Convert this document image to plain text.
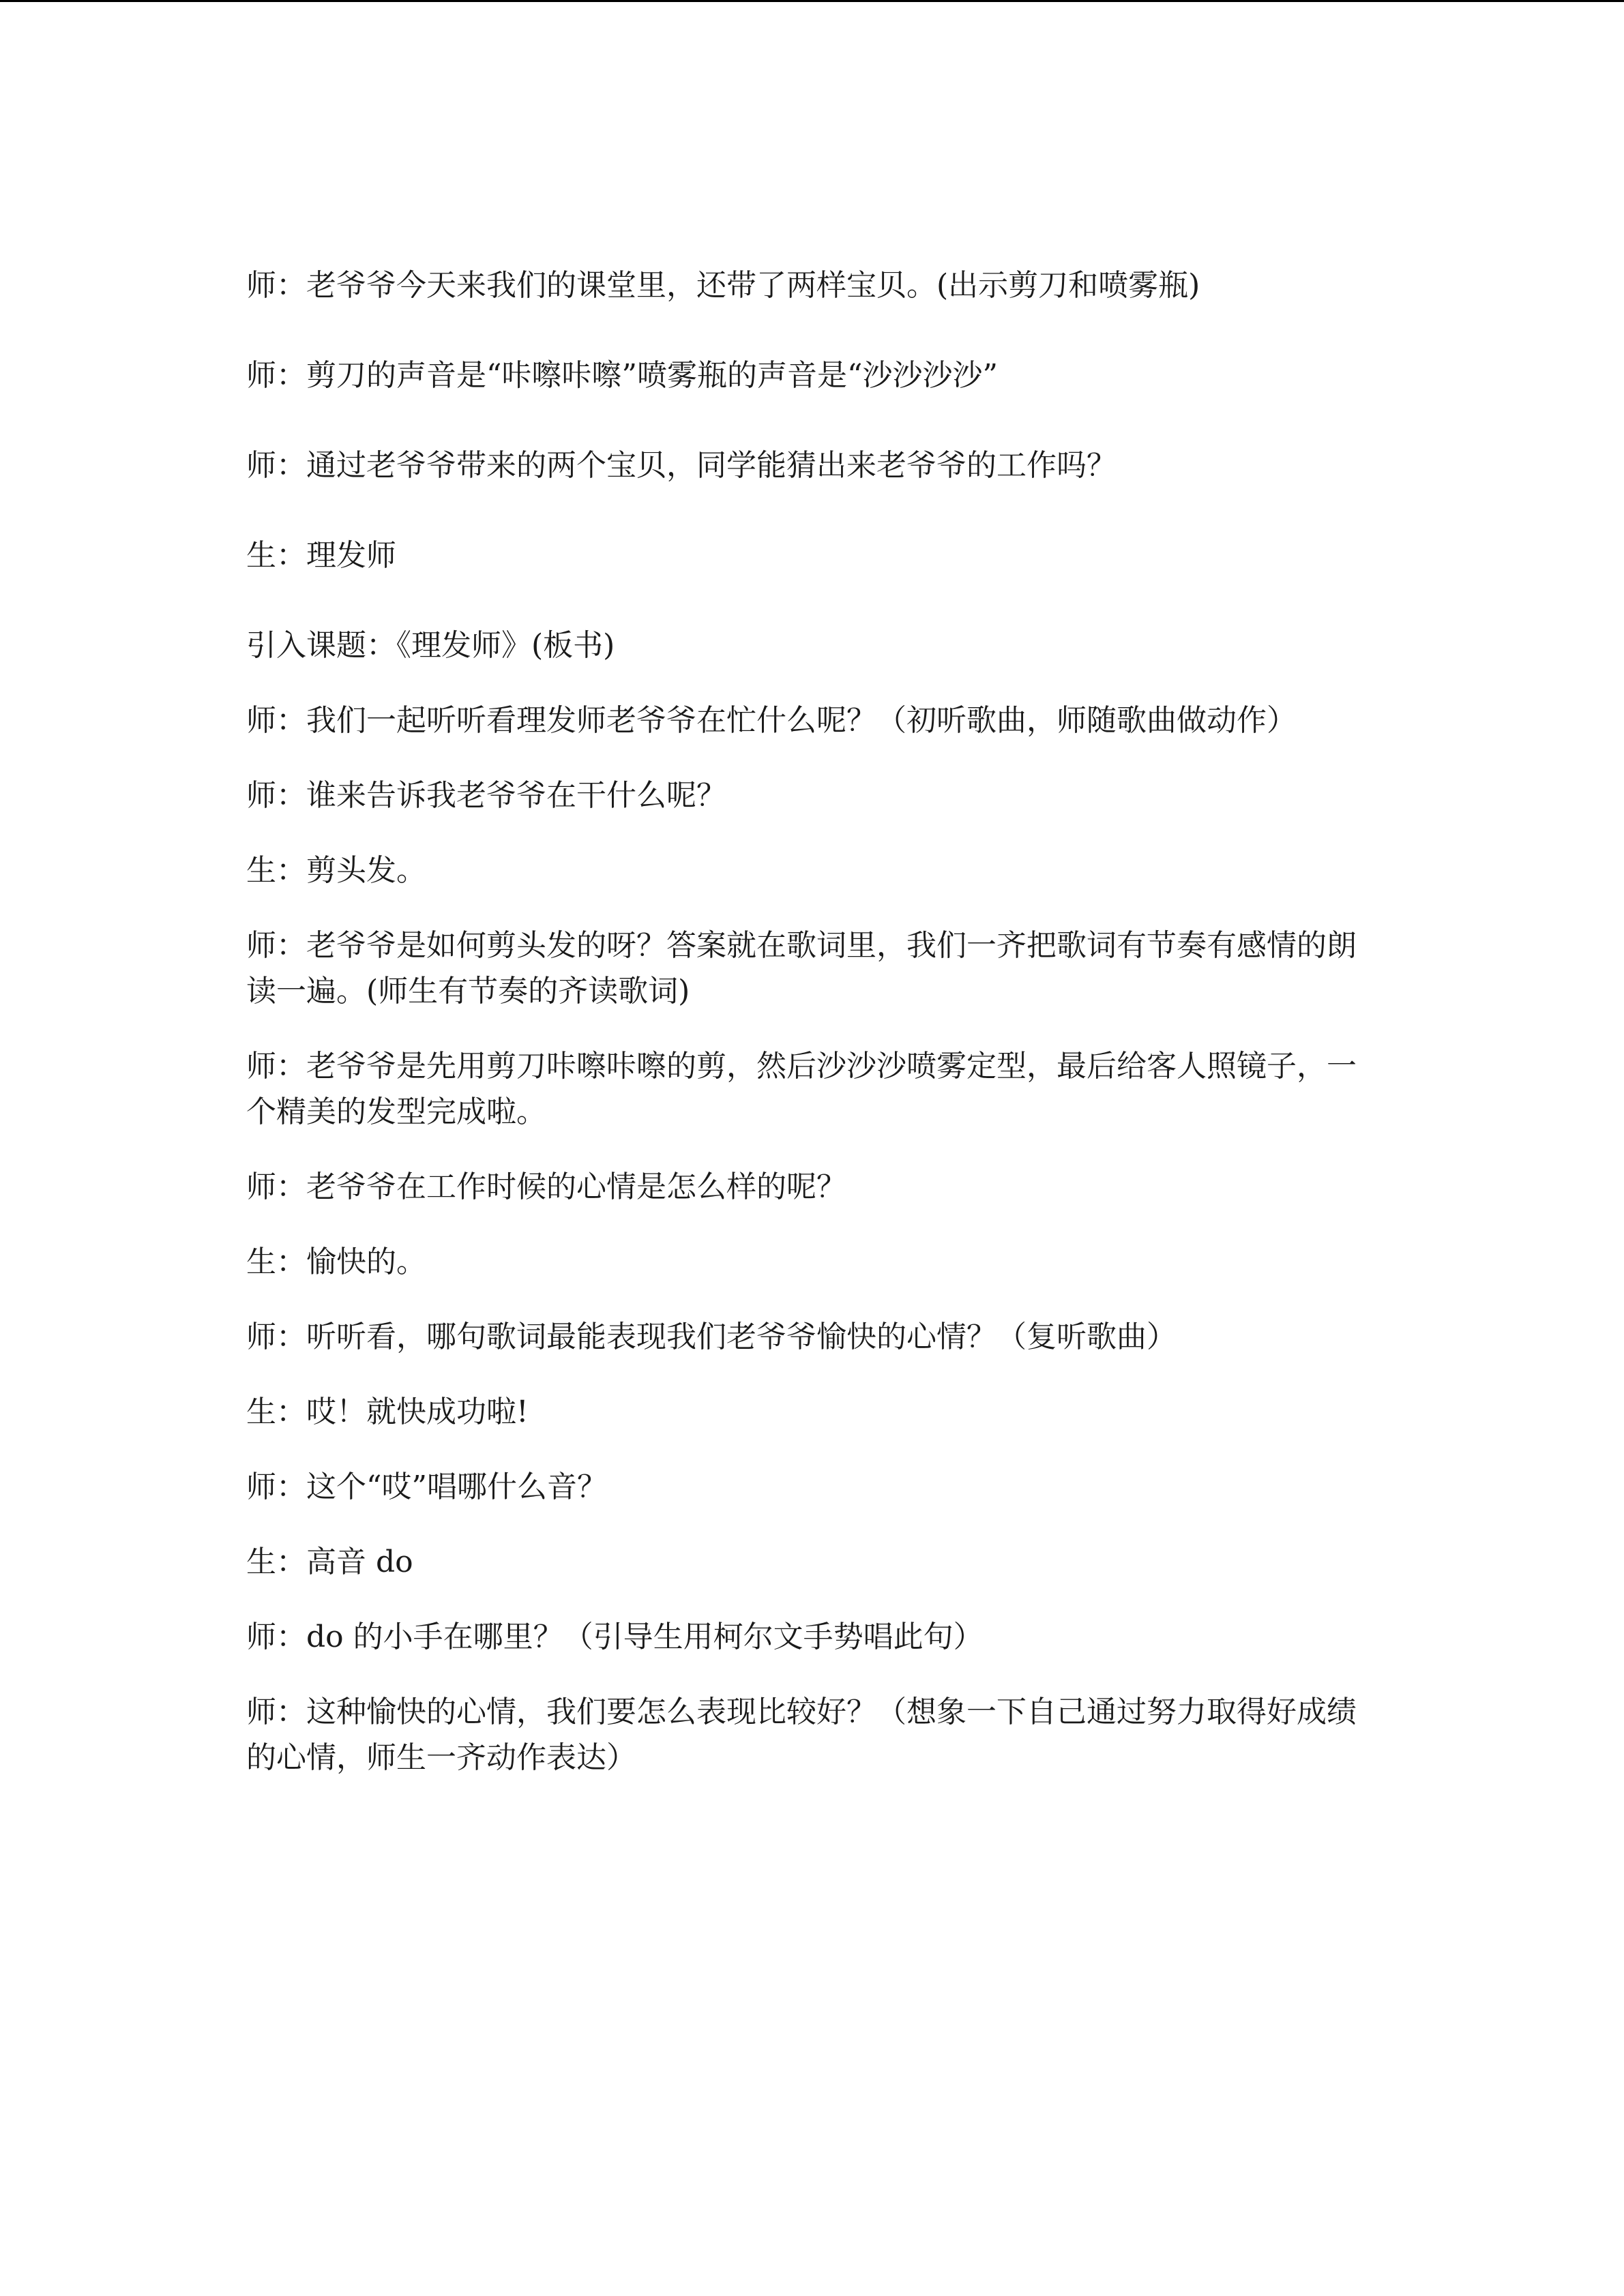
师：老爷爷今天来我们的课堂里，还带了两样宝贝。(出示剪刀和喷雾瓶)

师：剪刀的声音是“咔嚓咔嚓”喷雾瓶的声音是“沙沙沙沙”

师：通过老爷爷带来的两个宝贝，同学能猜出来老爷爷的工作吗？

生：理发师

引入课题：《理发师》(板书)

师：我们一起听听看理发师老爷爷在忙什么呢？（初听歌曲，师随歌曲做动作）

师：谁来告诉我老爷爷在干什么呢？

生：剪头发。

师：老爷爷是如何剪头发的呀？答案就在歌词里，我们一齐把歌词有节奏有感情的朗读一遍。(师生有节奏的齐读歌词)

师：老爷爷是先用剪刀咔嚓咔嚓的剪，然后沙沙沙喷雾定型，最后给客人照镜子，一个精美的发型完成啦。

师：老爷爷在工作时候的心情是怎么样的呢？

生：愉快的。

师：听听看，哪句歌词最能表现我们老爷爷愉快的心情？（复听歌曲）

生：哎！就快成功啦!

师：这个“哎”唱哪什么音？

生：高音 do

师：do 的小手在哪里？（引导生用柯尔文手势唱此句）

师：这种愉快的心情，我们要怎么表现比较好？（想象一下自己通过努力取得好成绩的心情，师生一齐动作表达）
